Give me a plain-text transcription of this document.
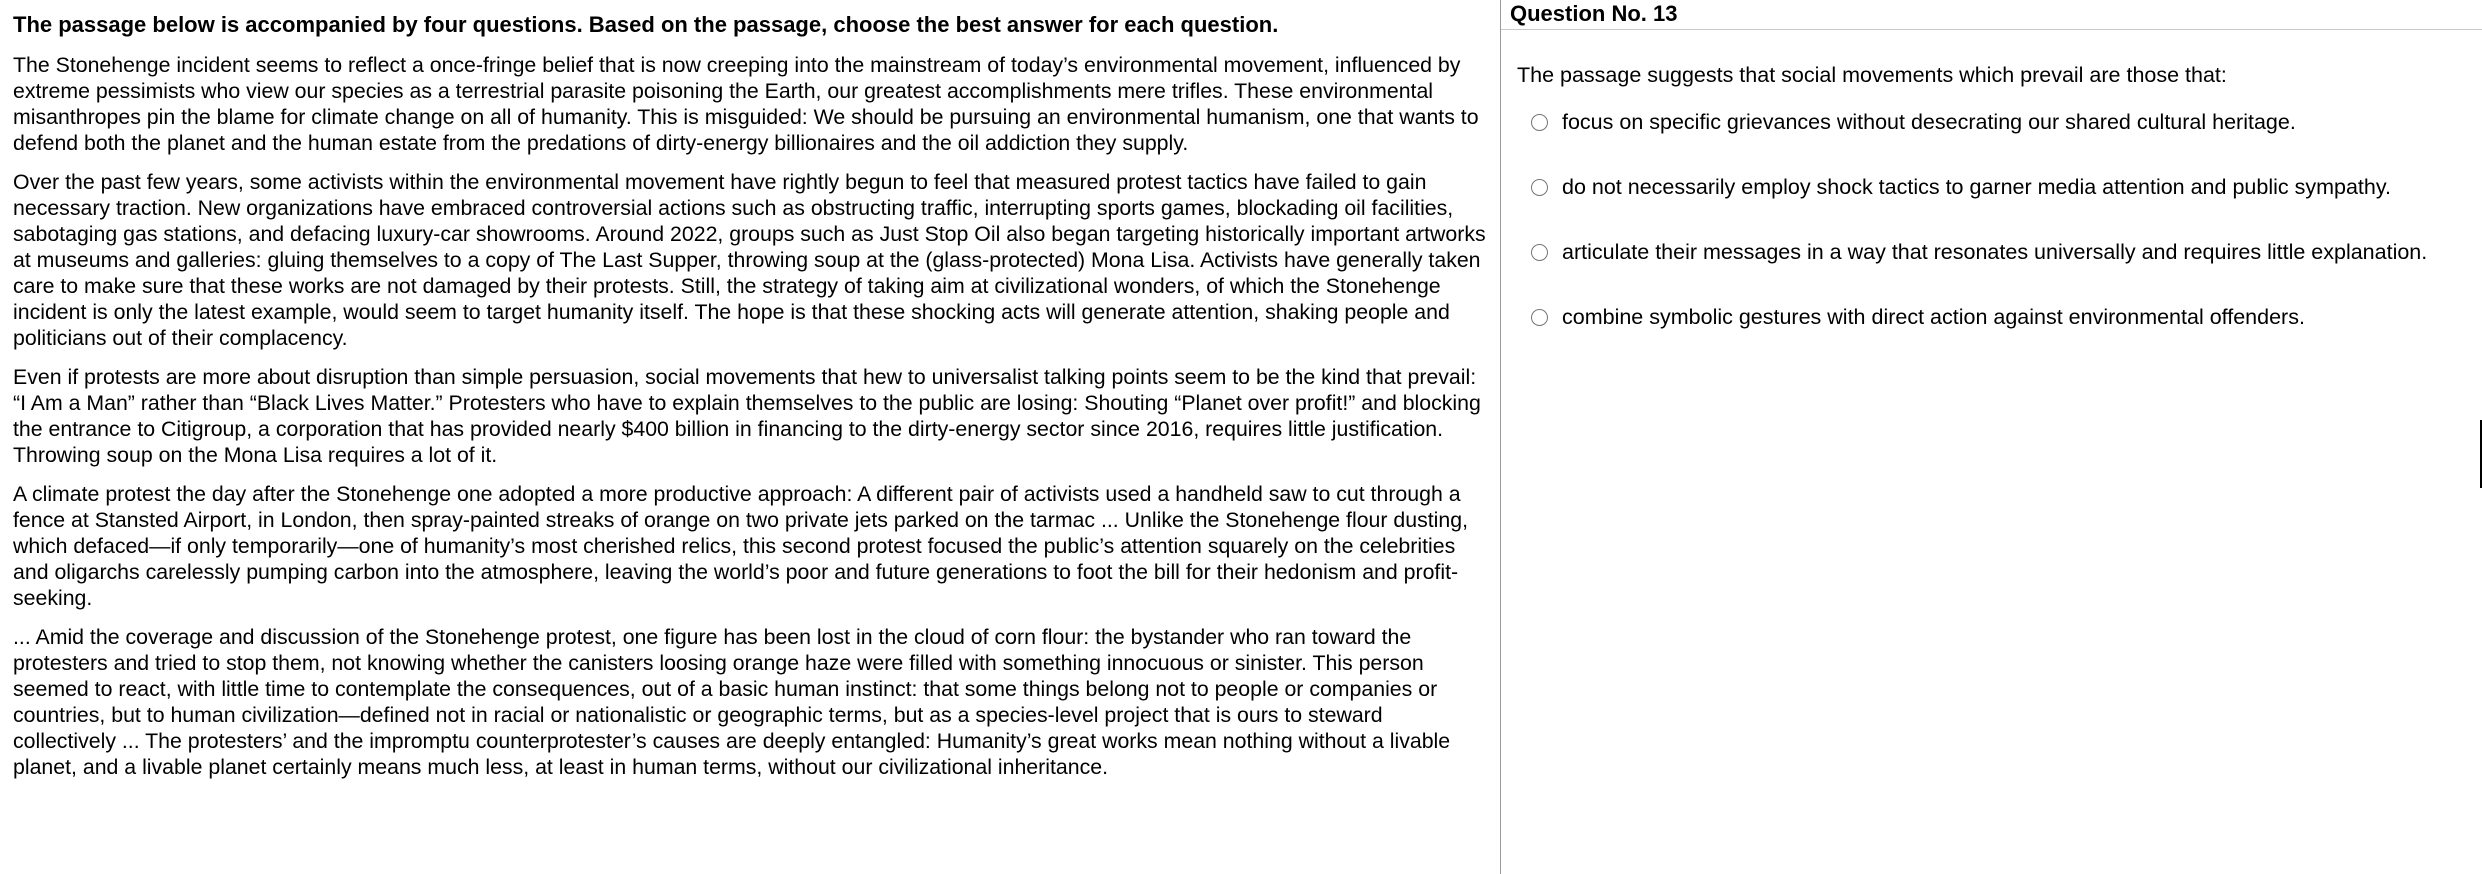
The passage below is accompanied by four questions. Based on the passage, choose the best answer for each question.

The Stonehenge incident seems to reflect a once-fringe belief that is now creeping into the mainstream of today’s environmental movement, influenced by extreme pessimists who view our species as a terrestrial parasite poisoning the Earth, our greatest accomplishments mere trifles. These environmental misanthropes pin the blame for climate change on all of humanity. This is misguided: We should be pursuing an environmental humanism, one that wants to defend both the planet and the human estate from the predations of dirty-energy billionaires and the oil addiction they supply.

Over the past few years, some activists within the environmental movement have rightly begun to feel that measured protest tactics have failed to gain necessary traction. New organizations have embraced controversial actions such as obstructing traffic, interrupting sports games, blockading oil facilities, sabotaging gas stations, and defacing luxury-car showrooms. Around 2022, groups such as Just Stop Oil also began targeting historically important artworks at museums and galleries: gluing themselves to a copy of The Last Supper, throwing soup at the (glass-protected) Mona Lisa. Activists have generally taken care to make sure that these works are not damaged by their protests. Still, the strategy of taking aim at civilizational wonders, of which the Stonehenge incident is only the latest example, would seem to target humanity itself. The hope is that these shocking acts will generate attention, shaking people and politicians out of their complacency.

Even if protests are more about disruption than simple persuasion, social movements that hew to universalist talking points seem to be the kind that prevail: “I Am a Man” rather than “Black Lives Matter.” Protesters who have to explain themselves to the public are losing: Shouting “Planet over profit!” and blocking the entrance to Citigroup, a corporation that has provided nearly $400 billion in financing to the dirty-energy sector since 2016, requires little justification. Throwing soup on the Mona Lisa requires a lot of it.

A climate protest the day after the Stonehenge one adopted a more productive approach: A different pair of activists used a handheld saw to cut through a fence at Stansted Airport, in London, then spray-painted streaks of orange on two private jets parked on the tarmac ... Unlike the Stonehenge flour dusting, which defaced—if only temporarily—one of humanity’s most cherished relics, this second protest focused the public’s attention squarely on the celebrities and oligarchs carelessly pumping carbon into the atmosphere, leaving the world’s poor and future generations to foot the bill for their hedonism and profit-seeking.

... Amid the coverage and discussion of the Stonehenge protest, one figure has been lost in the cloud of corn flour: the bystander who ran toward the protesters and tried to stop them, not knowing whether the canisters loosing orange haze were filled with something innocuous or sinister. This person seemed to react, with little time to contemplate the consequences, out of a basic human instinct: that some things belong not to people or companies or countries, but to human civilization—defined not in racial or nationalistic or geographic terms, but as a species-level project that is ours to steward collectively ... The protesters’ and the impromptu counterprotester’s causes are deeply entangled: Humanity’s great works mean nothing without a livable planet, and a livable planet certainly means much less, at least in human terms, without our civilizational inheritance.

Question No. 13
The passage suggests that social movements which prevail are those that:
focus on specific grievances without desecrating our shared cultural heritage.
do not necessarily employ shock tactics to garner media attention and public sympathy.
articulate their messages in a way that resonates universally and requires little explanation.
combine symbolic gestures with direct action against environmental offenders.
